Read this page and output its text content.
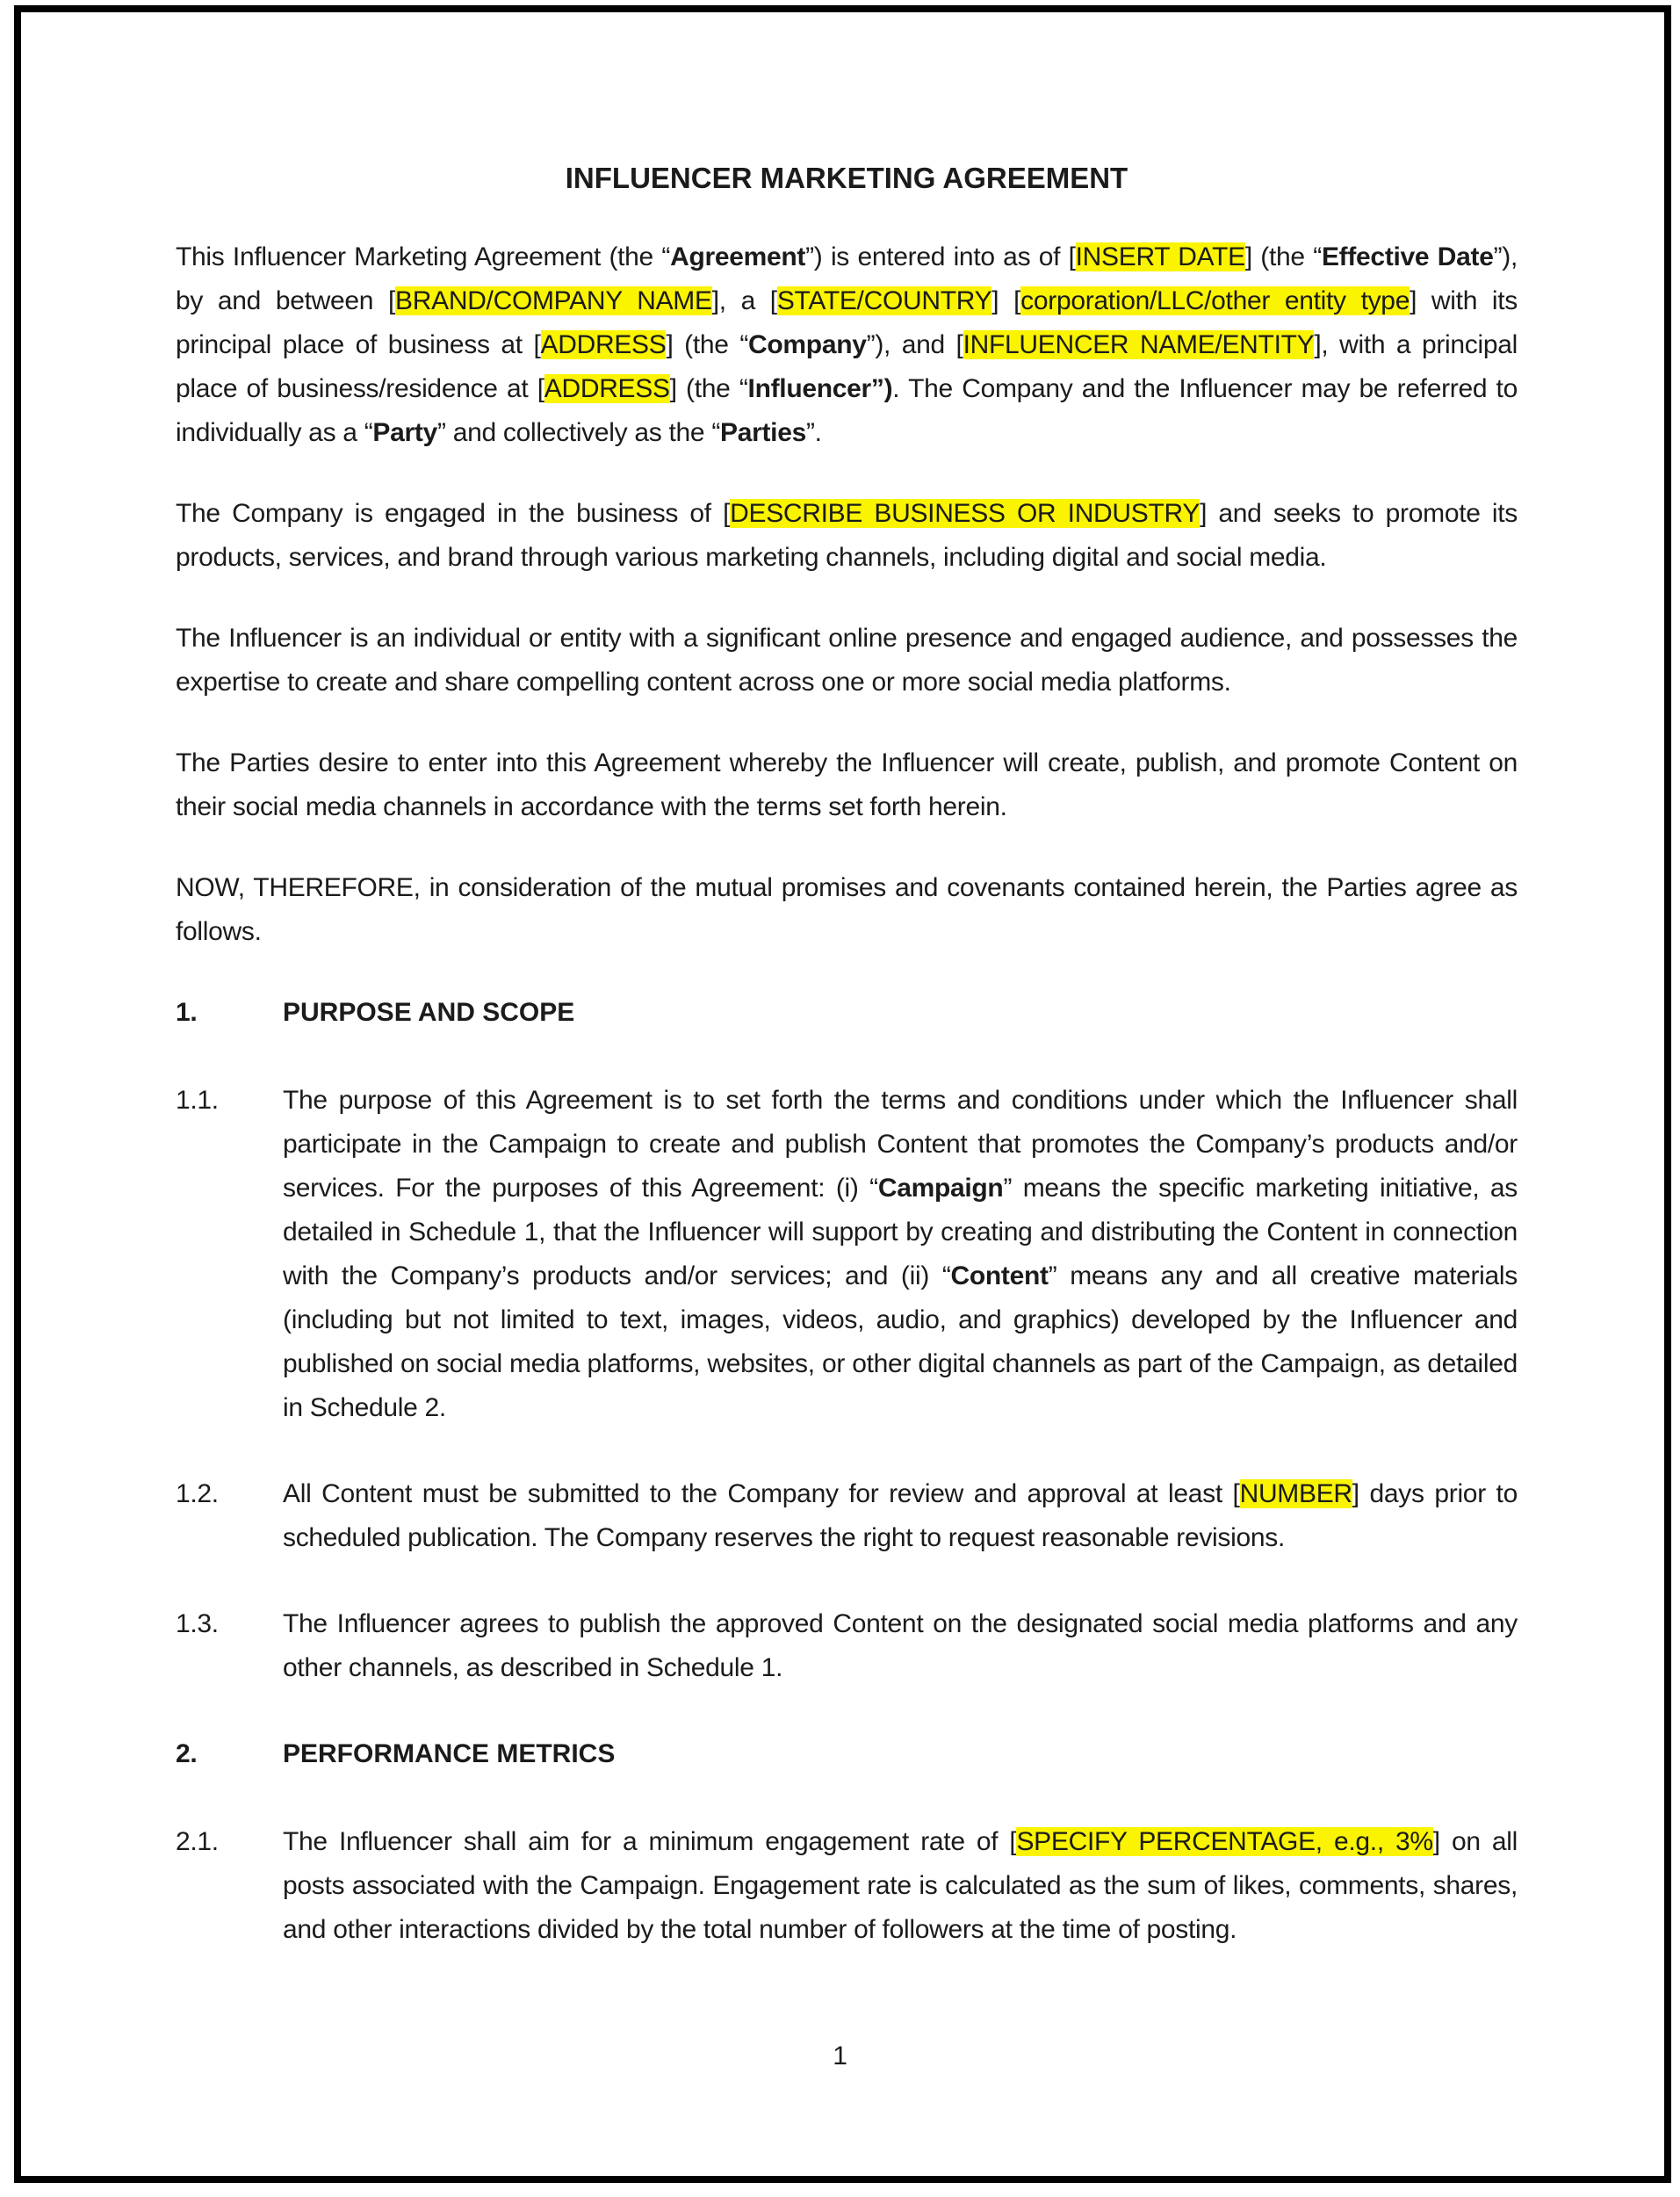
INFLUENCER MARKETING AGREEMENT
This Influencer Marketing Agreement (the “Agreement”) is entered into as of [INSERT DATE] (the “Effective Date”), by and between [BRAND/COMPANY NAME], a [STATE/COUNTRY] [corporation/LLC/other entity type] with its principal place of business at [ADDRESS] (the “Company”), and [INFLUENCER NAME/ENTITY], with a principal place of business/residence at [ADDRESS] (the “Influencer”). The Company and the Influencer may be referred to individually as a “Party” and collectively as the “Parties”.
The Company is engaged in the business of [DESCRIBE BUSINESS OR INDUSTRY] and seeks to promote its products, services, and brand through various marketing channels, including digital and social media.
The Influencer is an individual or entity with a significant online presence and engaged audience, and possesses the expertise to create and share compelling content across one or more social media platforms.
The Parties desire to enter into this Agreement whereby the Influencer will create, publish, and promote Content on their social media channels in accordance with the terms set forth herein.
NOW, THEREFORE, in consideration of the mutual promises and covenants contained herein, the Parties agree as follows.
1.	PURPOSE AND SCOPE
1.1.	The purpose of this Agreement is to set forth the terms and conditions under which the Influencer shall participate in the Campaign to create and publish Content that promotes the Company’s products and/or services. For the purposes of this Agreement: (i) “Campaign” means the specific marketing initiative, as detailed in Schedule 1, that the Influencer will support by creating and distributing the Content in connection with the Company’s products and/or services; and (ii) “Content” means any and all creative materials (including but not limited to text, images, videos, audio, and graphics) developed by the Influencer and published on social media platforms, websites, or other digital channels as part of the Campaign, as detailed in Schedule 2.
1.2.	All Content must be submitted to the Company for review and approval at least [NUMBER] days prior to scheduled publication. The Company reserves the right to request reasonable revisions.
1.3.	The Influencer agrees to publish the approved Content on the designated social media platforms and any other channels, as described in Schedule 1.
2.	PERFORMANCE METRICS
2.1.	The Influencer shall aim for a minimum engagement rate of [SPECIFY PERCENTAGE, e.g., 3%] on all posts associated with the Campaign. Engagement rate is calculated as the sum of likes, comments, shares, and other interactions divided by the total number of followers at the time of posting.
1
